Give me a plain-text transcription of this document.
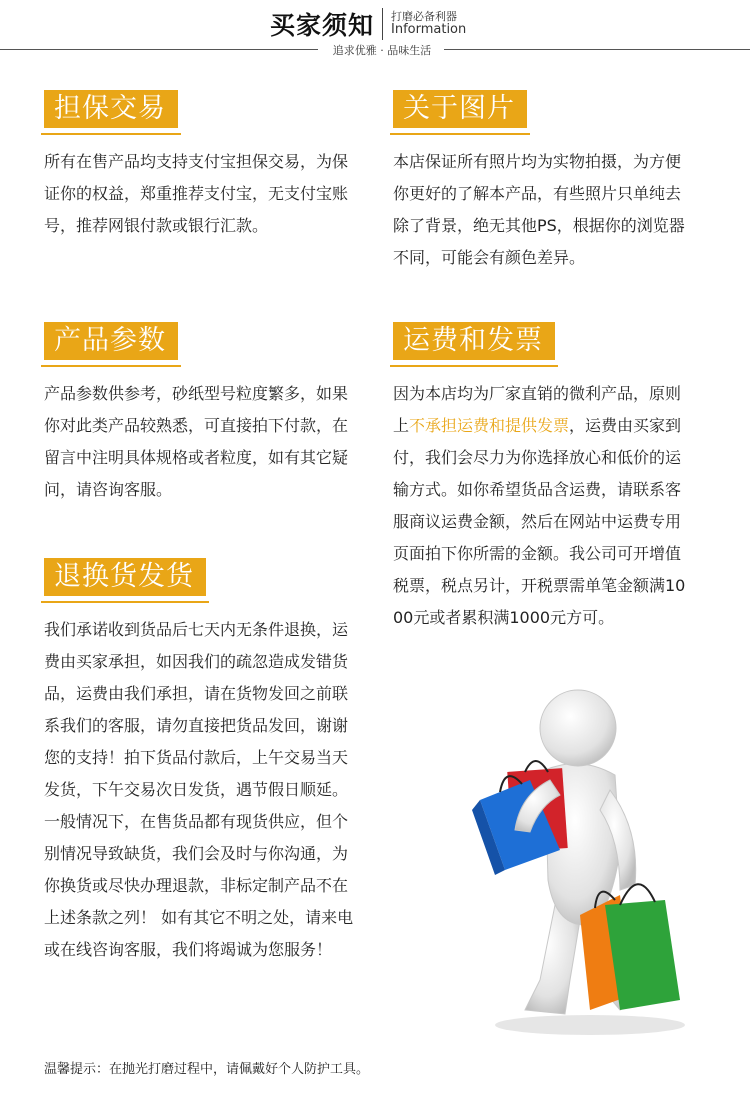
买家须知 打磨必备利器
Information
追求优雅 · 品味生活
担保交易
所有在售产品均支持支付宝担保交易，为保证你的权益，郑重推荐支付宝，无支付宝账号，推荐网银付款或银行汇款。
关于图片
本店保证所有照片均为实物拍摄，为方便你更好的了解本产品，有些照片只单纯去除了背景，绝无其他PS，根据你的浏览器不同，可能会有颜色差异。
产品参数
产品参数供参考，砂纸型号粒度繁多，如果你对此类产品较熟悉，可直接拍下付款，在留言中注明具体规格或者粒度，如有其它疑问，请咨询客服。
运费和发票
因为本店均为厂家直销的微利产品，原则上不承担运费和提供发票，运费由买家到付，我们会尽力为你选择放心和低价的运输方式。如你希望货品含运费，请联系客服商议运费金额，然后在网站中运费专用页面拍下你所需的金额。我公司可开增值税票，税点另计，开税票需单笔金额满1000元或者累积满1000元方可。
退换货发货
我们承诺收到货品后七天内无条件退换，运费由买家承担，如因我们的疏忽造成发错货品，运费由我们承担，请在货物发回之前联系我们的客服，请勿直接把货品发回，谢谢您的支持！拍下货品付款后，上午交易当天发货，下午交易次日发货，遇节假日顺延。一般情况下，在售货品都有现货供应，但个别情况导致缺货，我们会及时与你沟通，为你换货或尽快办理退款，非标定制产品不在上述条款之列！ 如有其它不明之处，请来电或在线咨询客服，我们将竭诚为您服务！
温馨提示：在抛光打磨过程中，请佩戴好个人防护工具。
